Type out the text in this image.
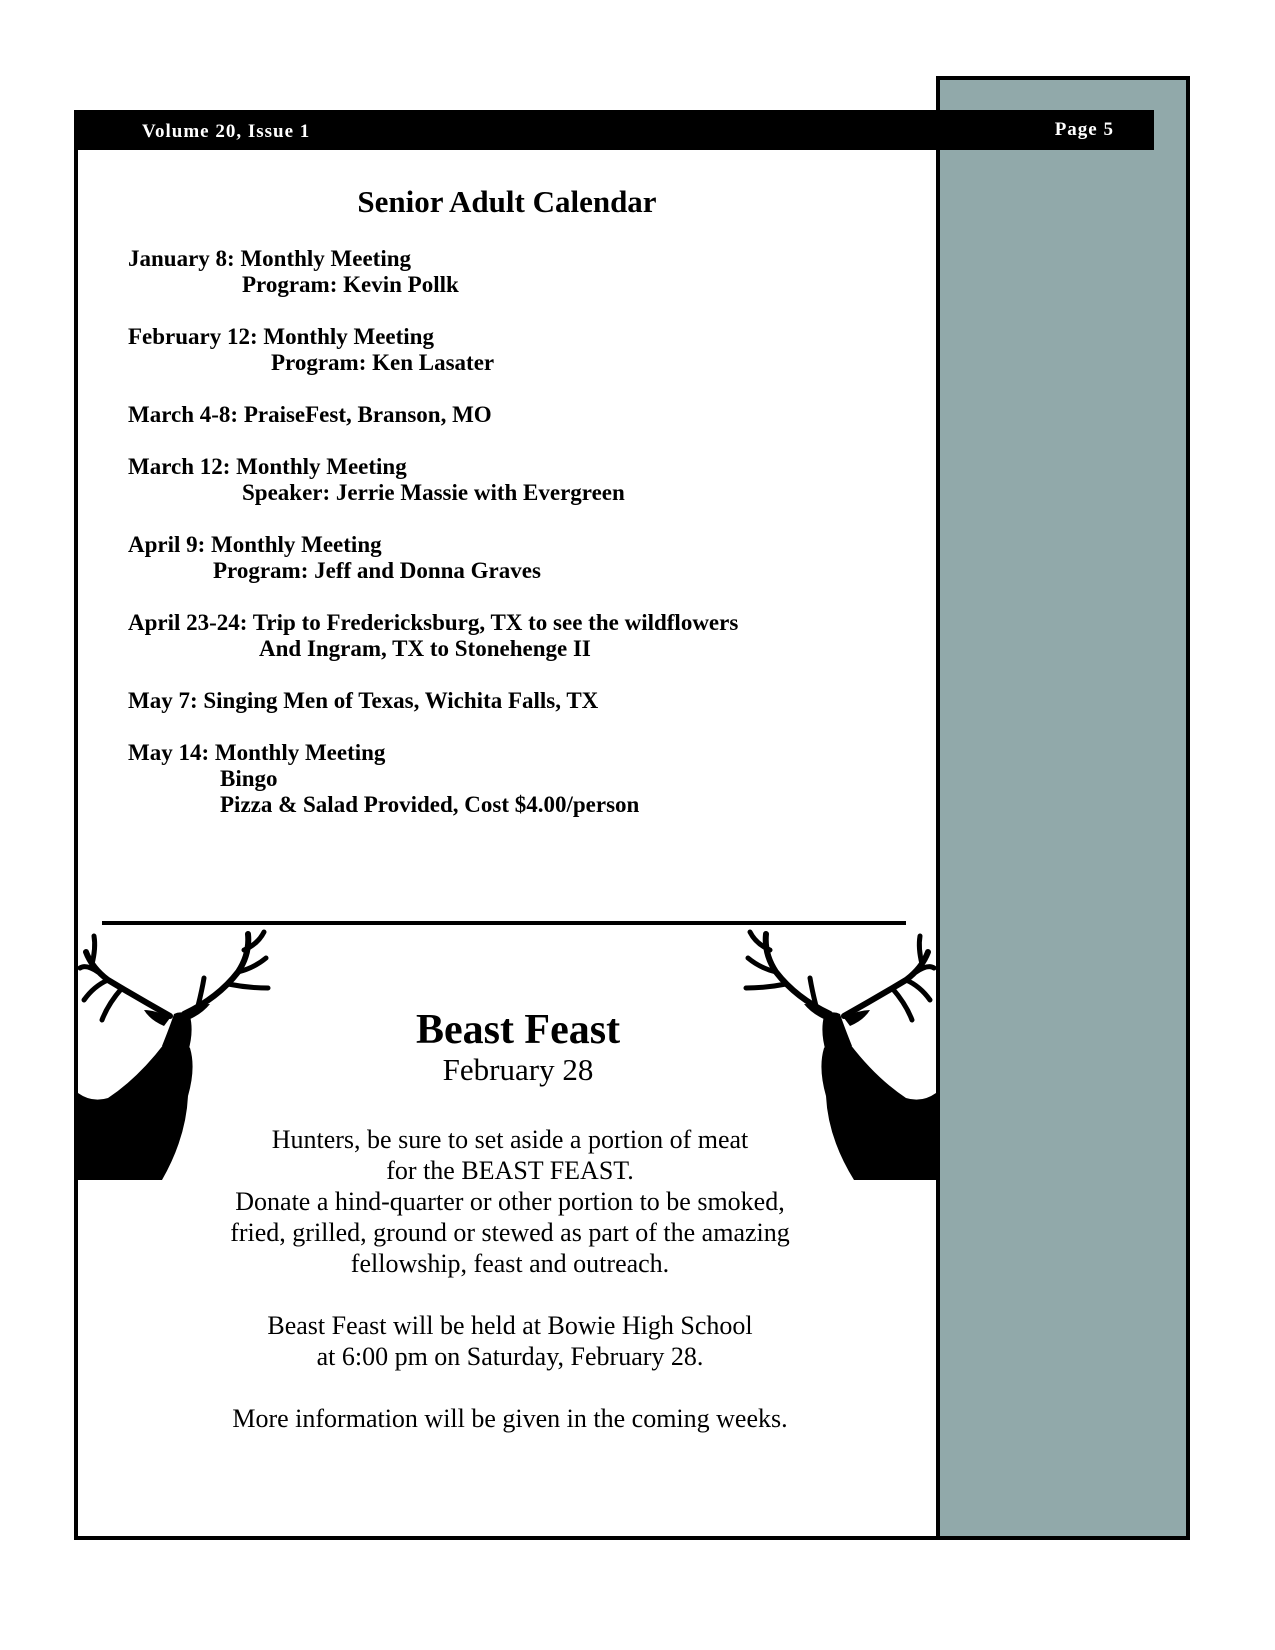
Volume 20, Issue 1	Page 5
Senior Adult Calendar
January 8: Monthly Meeting
Program: Kevin Pollk
February 12: Monthly Meeting
Program: Ken Lasater
March 4-8: PraiseFest, Branson, MO
March 12: Monthly Meeting
Speaker: Jerrie Massie with Evergreen
April 9: Monthly Meeting
Program: Jeff and Donna Graves
April 23-24: Trip to Fredericksburg, TX to see the wildflowers
And Ingram, TX to Stonehenge II
May 7: Singing Men of Texas, Wichita Falls, TX
May 14: Monthly Meeting
Bingo
Pizza & Salad Provided, Cost $4.00/person
Beast Feast
February 28
Hunters, be sure to set aside a portion of meat
for the BEAST FEAST.
Donate a hind-quarter or other portion to be smoked,
fried, grilled, ground or stewed as part of the amazing
fellowship, feast and outreach.
Beast Feast will be held at Bowie High School
at 6:00 pm on Saturday, February 28.
More information will be given in the coming weeks.
